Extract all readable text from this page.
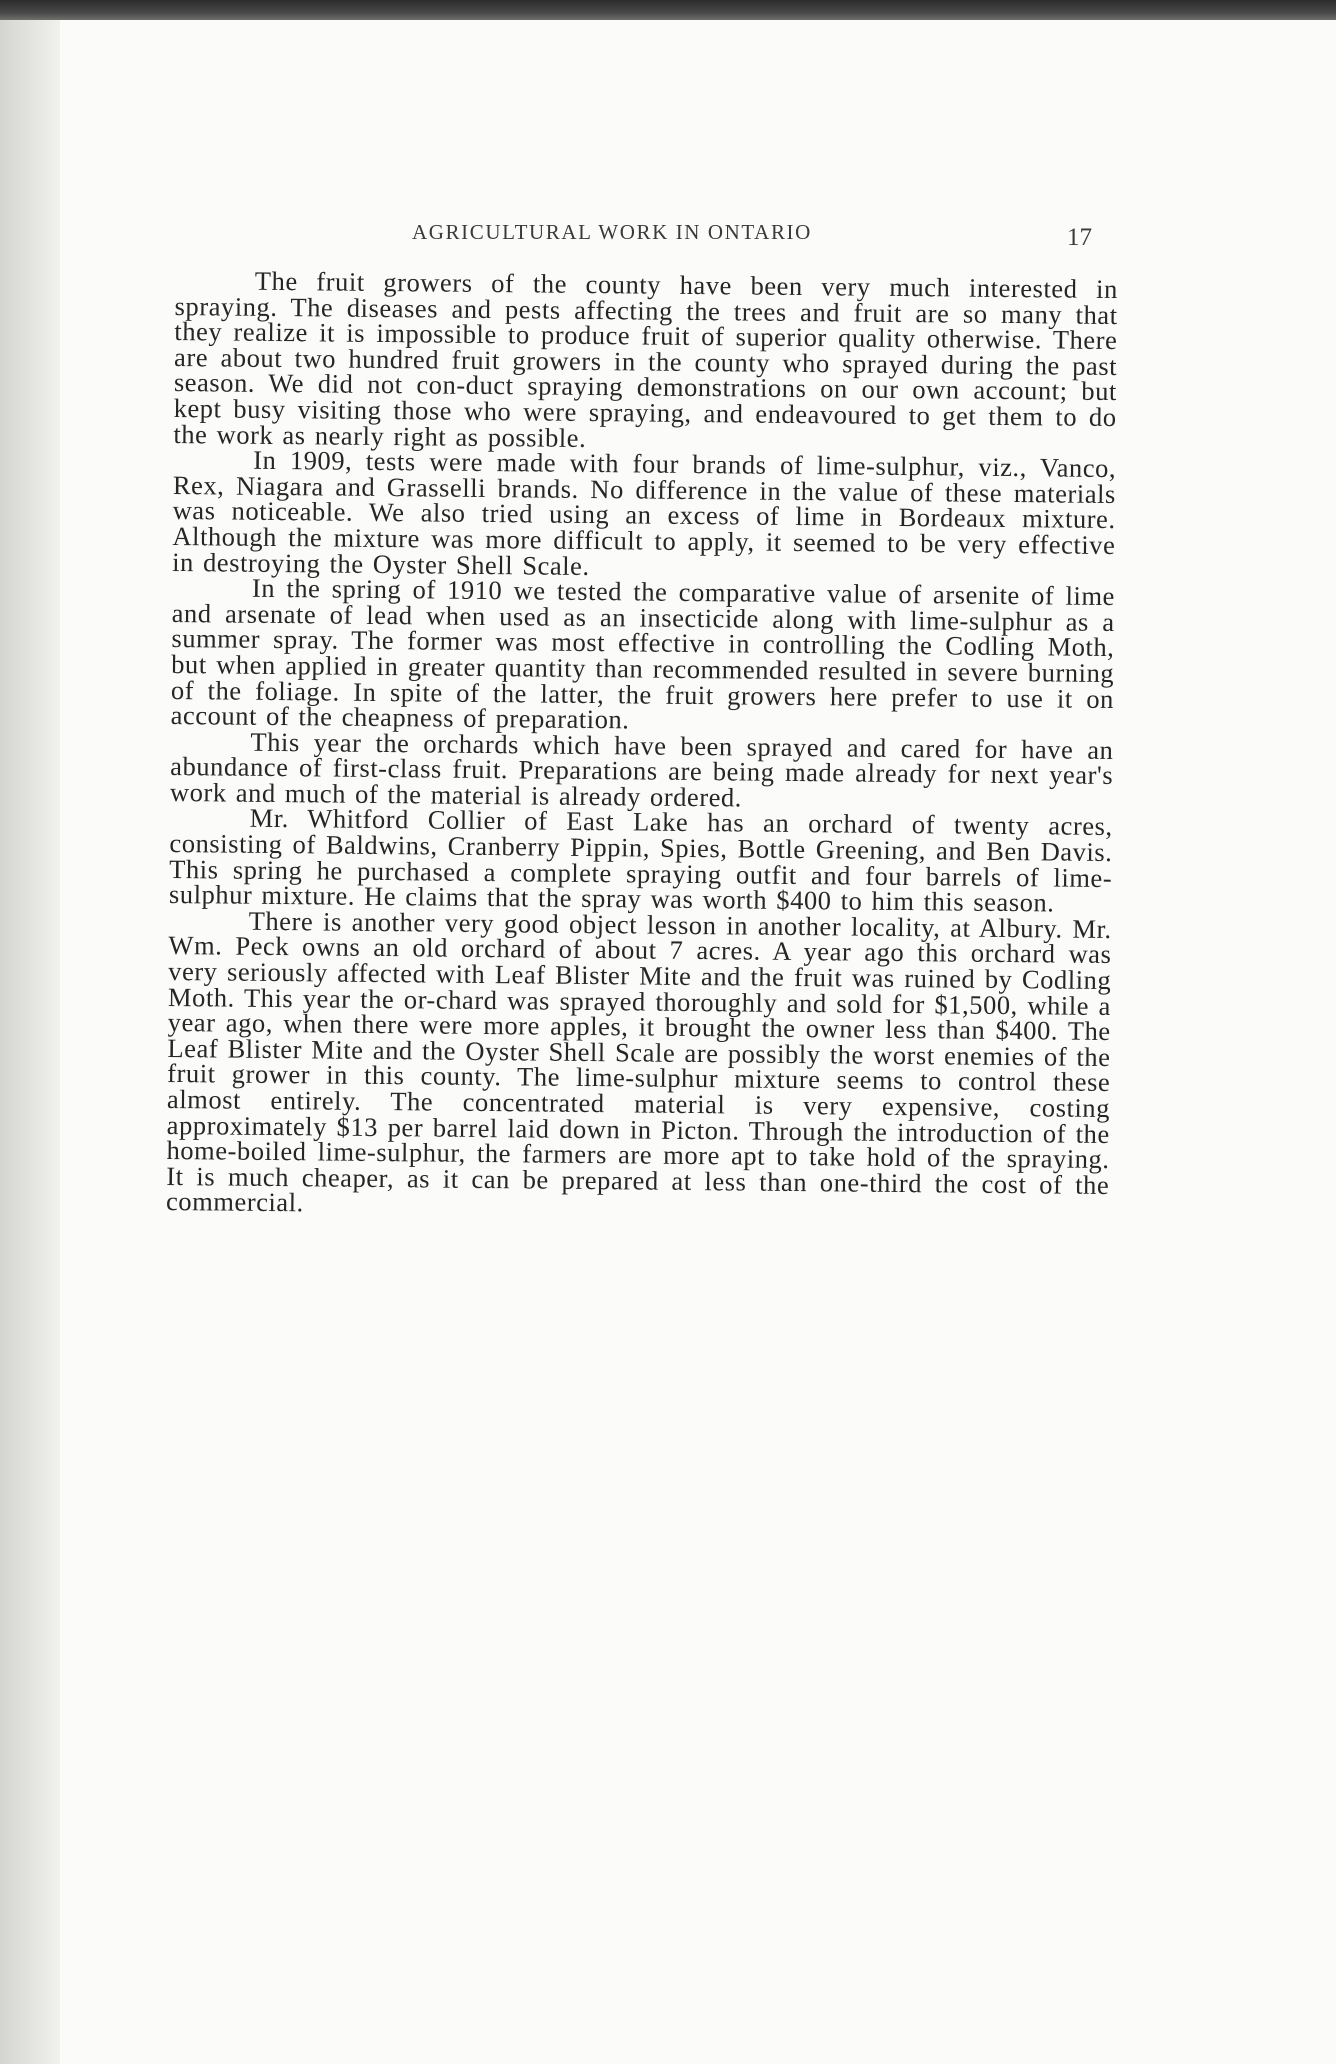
AGRICULTURAL WORK IN ONTARIO	17

The fruit growers of the county have been very much interested in spraying. The diseases and pests affecting the trees and fruit are so many that they realize it is impossible to produce fruit of superior quality otherwise. There are about two hundred fruit growers in the county who sprayed during the past season. We did not con-duct spraying demonstrations on our own account; but kept busy visiting those who were spraying, and endeavoured to get them to do the work as nearly right as possible.

In 1909, tests were made with four brands of lime-sulphur, viz., Vanco, Rex, Niagara and Grasselli brands. No difference in the value of these materials was noticeable. We also tried using an excess of lime in Bordeaux mixture. Although the mixture was more difficult to apply, it seemed to be very effective in destroying the Oyster Shell Scale.

In the spring of 1910 we tested the comparative value of arsenite of lime and arsenate of lead when used as an insecticide along with lime-sulphur as a summer spray. The former was most effective in controlling the Codling Moth, but when applied in greater quantity than recommended resulted in severe burning of the foliage. In spite of the latter, the fruit growers here prefer to use it on account of the cheapness of preparation.

This year the orchards which have been sprayed and cared for have an abundance of first-class fruit. Preparations are being made already for next year's work and much of the material is already ordered.

Mr. Whitford Collier of East Lake has an orchard of twenty acres, consisting of Baldwins, Cranberry Pippin, Spies, Bottle Greening, and Ben Davis. This spring he purchased a complete spraying outfit and four barrels of lime-sulphur mixture. He claims that the spray was worth $400 to him this season.

There is another very good object lesson in another locality, at Albury. Mr. Wm. Peck owns an old orchard of about 7 acres. A year ago this orchard was very seriously affected with Leaf Blister Mite and the fruit was ruined by Codling Moth. This year the or-chard was sprayed thoroughly and sold for $1,500, while a year ago, when there were more apples, it brought the owner less than $400. The Leaf Blister Mite and the Oyster Shell Scale are possibly the worst enemies of the fruit grower in this county. The lime-sulphur mixture seems to control these almost entirely. The concentrated material is very expensive, costing approximately $13 per barrel laid down in Picton. Through the introduction of the home-boiled lime-sulphur, the farmers are more apt to take hold of the spraying. It is much cheaper, as it can be prepared at less than one-third the cost of the commercial.
